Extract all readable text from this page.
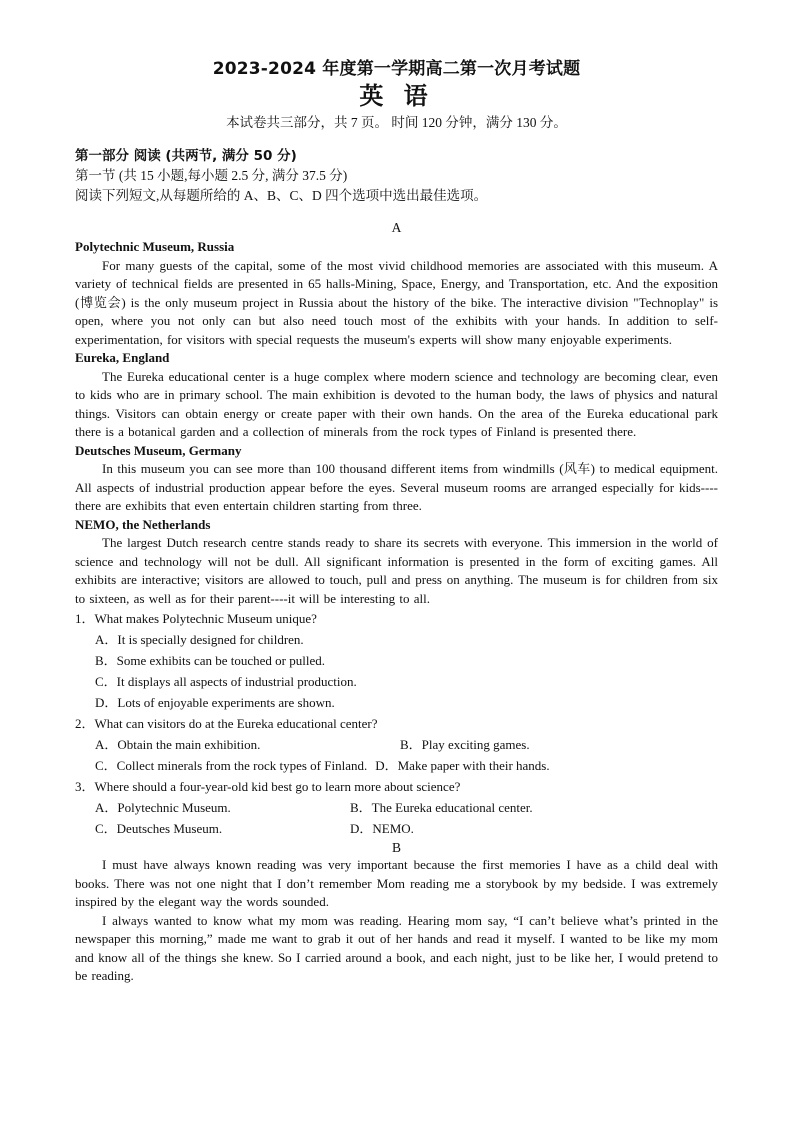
2023-2024 年度第一学期高二第一次月考试题
英 语
本试卷共三部分，共 7 页。 时间 120 分钟，满分 130 分。
第一部分 阅读 (共两节, 满分 50 分)
第一节 (共 15 小题,每小题 2.5 分, 满分 37.5 分)
阅读下列短文,从每题所给的 A、B、C、D 四个选项中选出最佳选项。
A
Polytechnic Museum, Russia

For many guests of the capital, some of the most vivid childhood memories are associated with this museum. A variety of technical fields are presented in 65 halls-Mining, Space, Energy, and Transportation, etc. And the exposition (博览会) is the only museum project in Russia about the history of the bike. The interactive division "Technoplay" is open, where you not only can but also need touch most of the exhibits with your hands. In addition to self-experimentation, for visitors with special requests the museum's experts will show many enjoyable experiments.

Eureka, England

The Eureka educational center is a huge complex where modern science and technology are becoming clear, even to kids who are in primary school. The main exhibition is devoted to the human body, the laws of physics and natural things. Visitors can obtain energy or create paper with their own hands. On the area of the Eureka educational park there is a botanical garden and a collection of minerals from the rock types of Finland is presented there.

Deutsches Museum, Germany

In this museum you can see more than 100 thousand different items from windmills (风车) to medical equipment. All aspects of industrial production appear before the eyes. Several museum rooms are arranged especially for kids----there are exhibits that even entertain children starting from three.

NEMO, the Netherlands

The largest Dutch research centre stands ready to share its secrets with everyone. This immersion in the world of science and technology will not be dull. All significant information is presented in the form of exciting games. All exhibits are interactive; visitors are allowed to touch, pull and press on anything. The museum is for children from six to sixteen, as well as for their parent----it will be interesting to all.

1．What makes Polytechnic Museum unique?
A．It is specially designed for children.
B．Some exhibits can be touched or pulled.
C．It displays all aspects of industrial production.
D．Lots of enjoyable experiments are shown.
2．What can visitors do at the Eureka educational center?
A．Obtain the main exhibition.	B．Play exciting games.
C．Collect minerals from the rock types of Finland. D．Make paper with their hands.
3．Where should a four-year-old kid best go to learn more about science?
A．Polytechnic Museum.	B．The Eureka educational center.
C．Deutsches Museum.	D．NEMO.
B

I must have always known reading was very important because the first memories I have as a child deal with books. There was not one night that I don’t remember Mom reading me a storybook by my bedside. I was extremely inspired by the elegant way the words sounded.

I always wanted to know what my mom was reading. Hearing mom say, “I can’t believe what’s printed in the newspaper this morning,” made me want to grab it out of her hands and read it myself. I wanted to be like my mom and know all of the things she knew. So I carried around a book, and each night, just to be like her, I would pretend to be reading.
